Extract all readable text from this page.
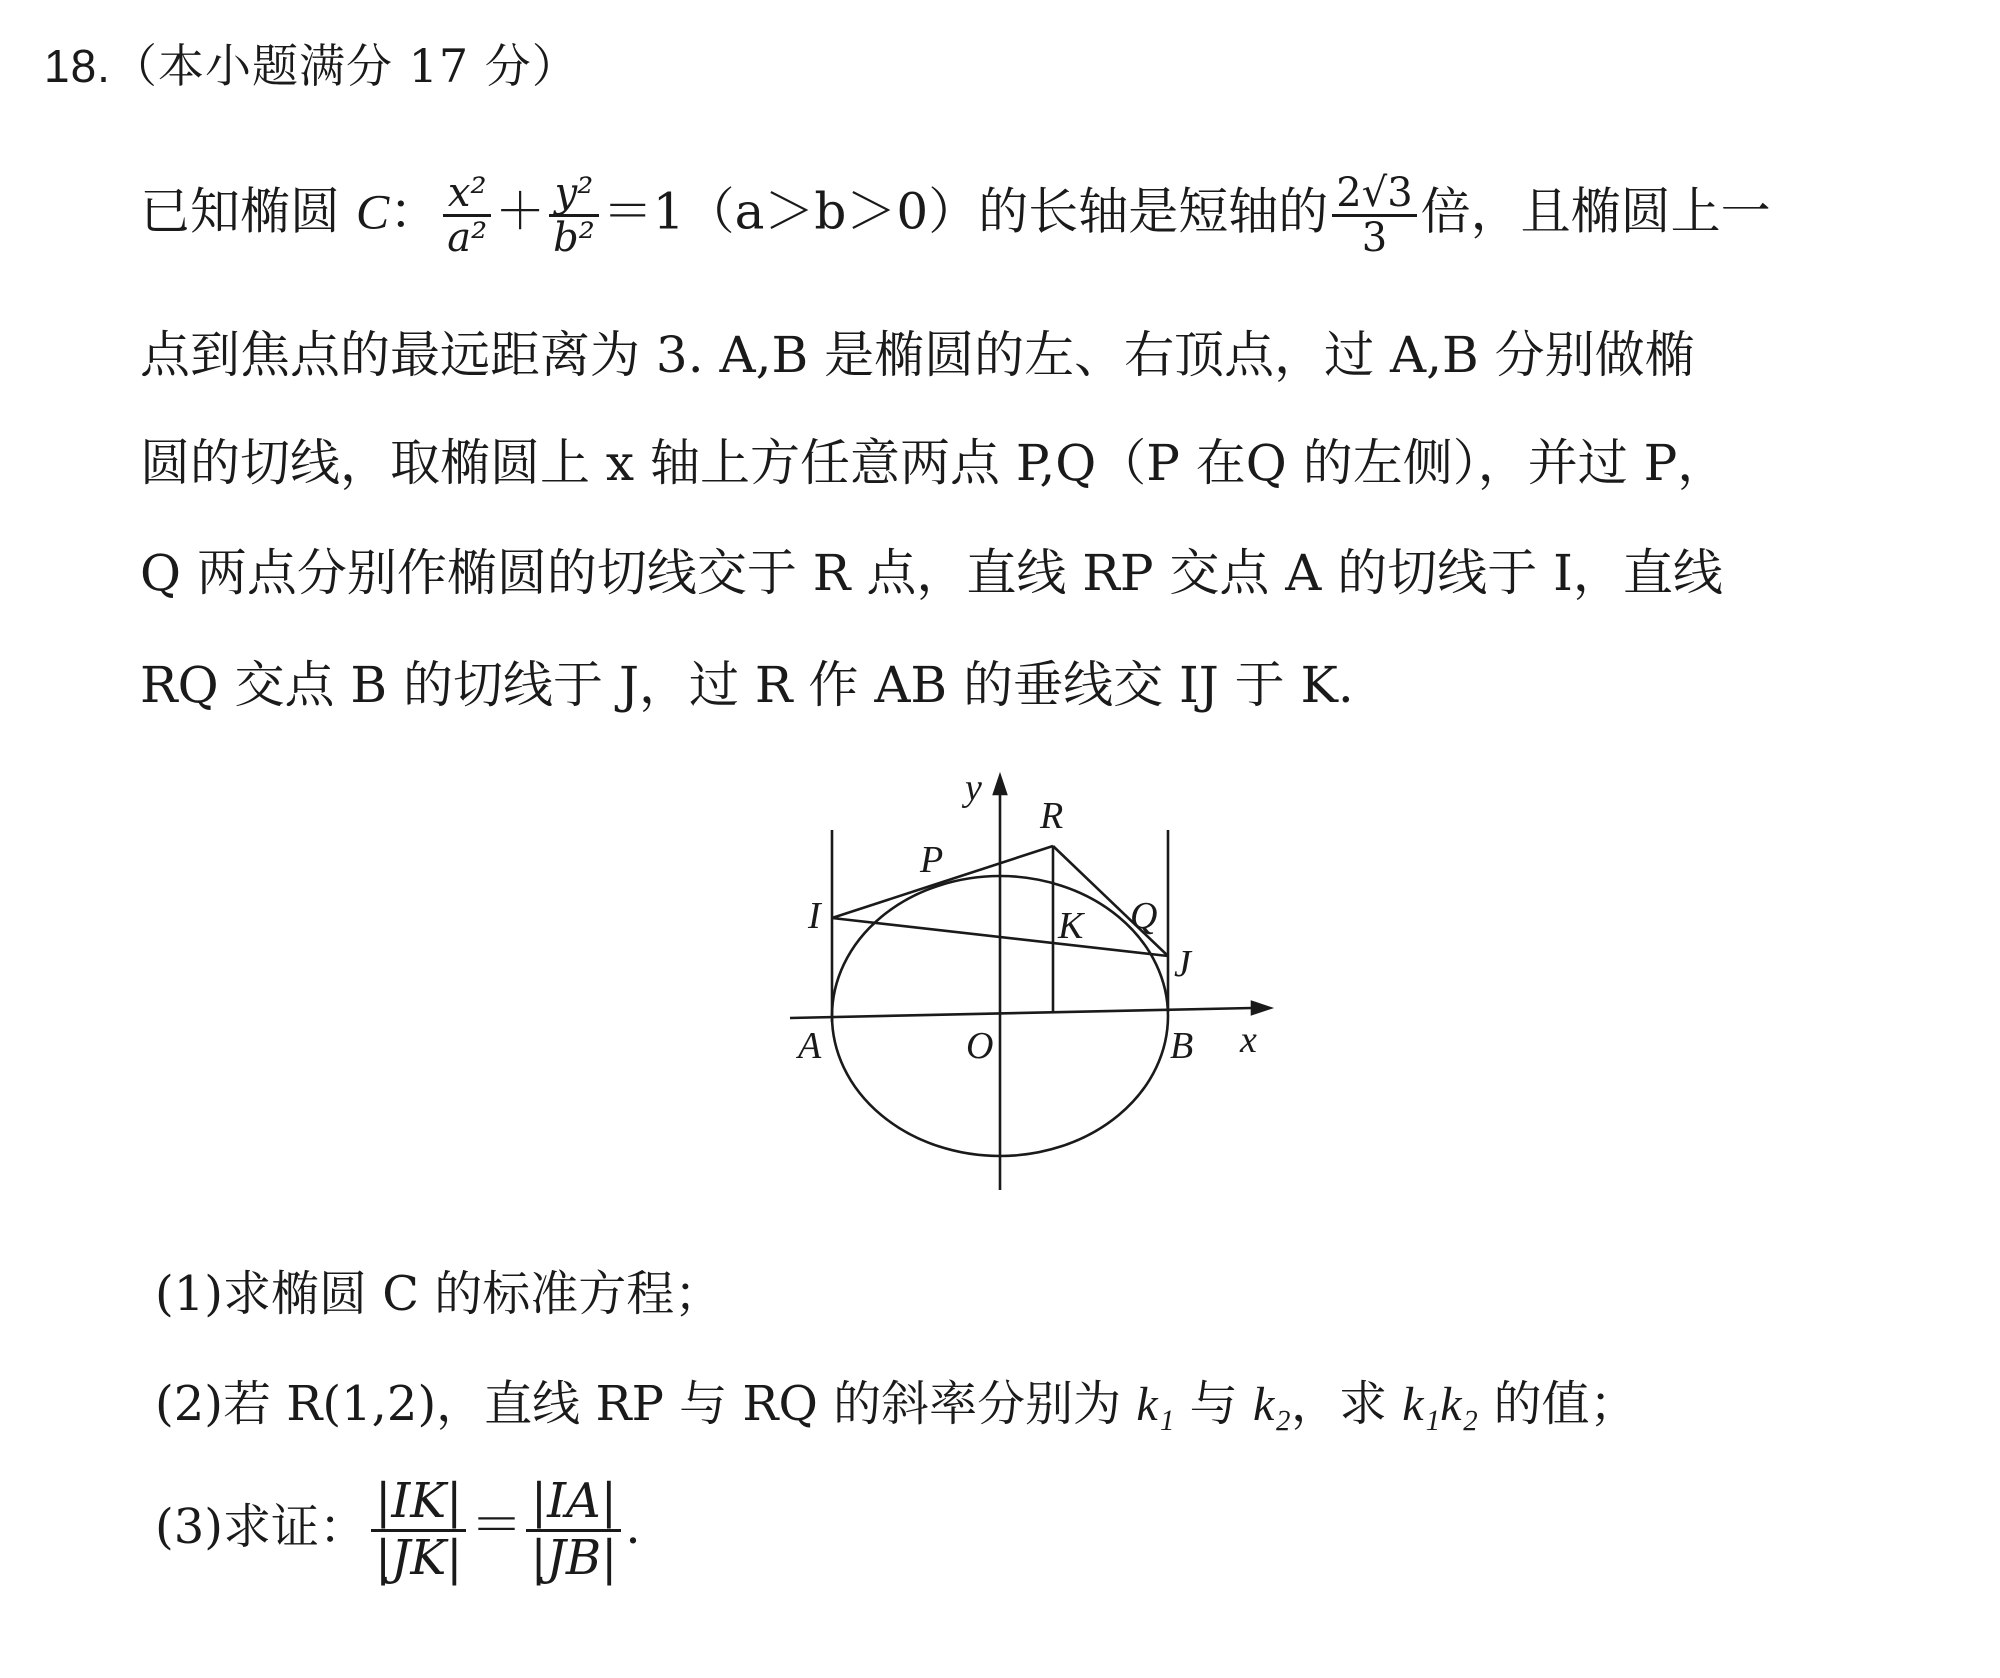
18.（本小题满分 17 分）
已知椭圆 C： $\frac{\text{x²}}{\text{a²}} + \frac{\text{y²}}{\text{b²}} =1(a>b>0)$的长轴是短轴的 $\frac{2√3}{3}$ 倍，且椭圆上一
点到焦点的最远距离为 3. A,B 是椭圆的左、右顶点，过 A,B 分别做椭
圆的切线，取椭圆上 x 轴上方任意两点 P,Q（P 在Q 的左侧），并过 P，
Q 两点分别作椭圆的切线交于 R 点，直线 RP 交点 A 的切线于 I，直线
RQ 交点 B 的切线于 J，过 R 作 AB 的垂线交 IJ 于 K.
y
x
O
A	B
P
Q
R
I
J
K
(1)求椭圆 C 的标准方程；
(2)若 R(1,2)，直线 RP 与 RQ 的斜率分别为 k₁ 与 k₂，求 k₁k₂ 的值；
(3)求证： $\frac{|IK|}{|JK|} = \frac{|IA|}{|JB|}$ .
